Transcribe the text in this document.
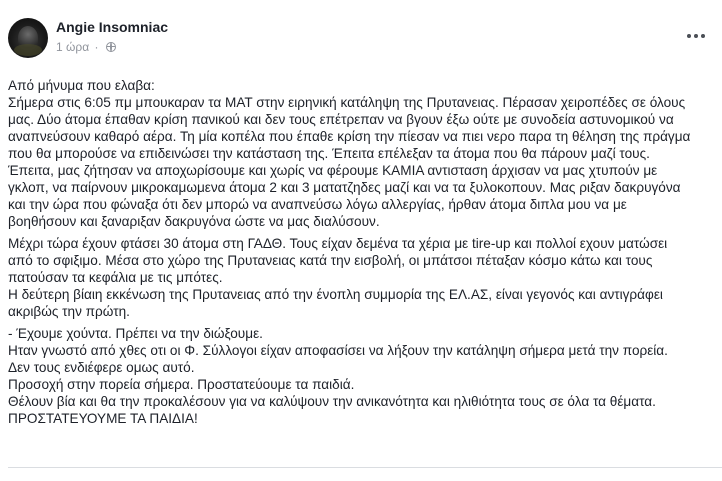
Angie Insomniac
1 ώρα ·

Από μήνυμα που ελαβα:
Σήμερα στις 6:05 πμ μπουκαραν τα ΜΑΤ στην ειρηνική κατάληψη της Πρυτανειας. Πέρασαν χειροπέδες σε όλους
μας. Δύο άτομα έπαθαν κρίση πανικού και δεν τους επέτρεπαν να βγουν έξω ούτε με συνοδεία αστυνομικού να
αναπνεύσουν καθαρό αέρα. Τη μία κοπέλα που έπαθε κρίση την πίεσαν να πιει νερο παρα τη θέληση της πράγμα
που θα μπορούσε να επιδεινώσει την κατάσταση της. Έπειτα επέλεξαν τα άτομα που θα πάρουν μαζί τους.
Έπειτα, μας ζήτησαν να αποχωρίσουμε και χωρίς να φέρουμε ΚΑΜΙΑ αντισταση άρχισαν να μας χτυπούν με
γκλοπ, να παίρνουν μικροκαμωμενα άτομα 2 και 3 ματατζηδες μαζί και να τα ξυλοκοπουν. Μας ριξαν δακρυγόνα
και την ώρα που φώναξα ότι δεν μπορώ να αναπνεύσω λόγω αλλεργίας, ήρθαν άτομα διπλα μου να με
βοηθήσουν και ξαναριξαν δακρυγόνα ώστε να μας διαλύσουν.

Μέχρι τώρα έχουν φτάσει 30 άτομα στη ΓΑΔΘ. Τους είχαν δεμένα τα χέρια με tire-up και πολλοί εχουν ματώσει
από το σφιξιμο. Μέσα στο χώρο της Πρυτανειας κατά την εισβολή, οι μπάτσοι πέταξαν κόσμο κάτω και τους
πατούσαν τα κεφάλια με τις μπότες.
Η δεύτερη βίαιη εκκένωση της Πρυτανειας από την ένοπλη συμμορία της ΕΛ.ΑΣ, είναι γεγονός και αντιγράφει
ακριβώς την πρώτη.

- Έχουμε χούντα. Πρέπει να την διώξουμε.
Ηταν γνωστό από χθες οτι οι Φ. Σύλλογοι είχαν αποφασίσει να λήξουν την κατάληψη σήμερα μετά την πορεία.
Δεν τους ενδιέφερε ομως αυτό.
Προσοχή στην πορεία σήμερα. Προστατεύουμε τα παιδιά.
Θέλουν βία και θα την προκαλέσουν για να καλύψουν την ανικανότητα και ηλιθιότητα τους σε όλα τα θέματα.
ΠΡΟΣΤΑΤΕΥΟΥΜΕ ΤΑ ΠΑΙΔΙΑ!
